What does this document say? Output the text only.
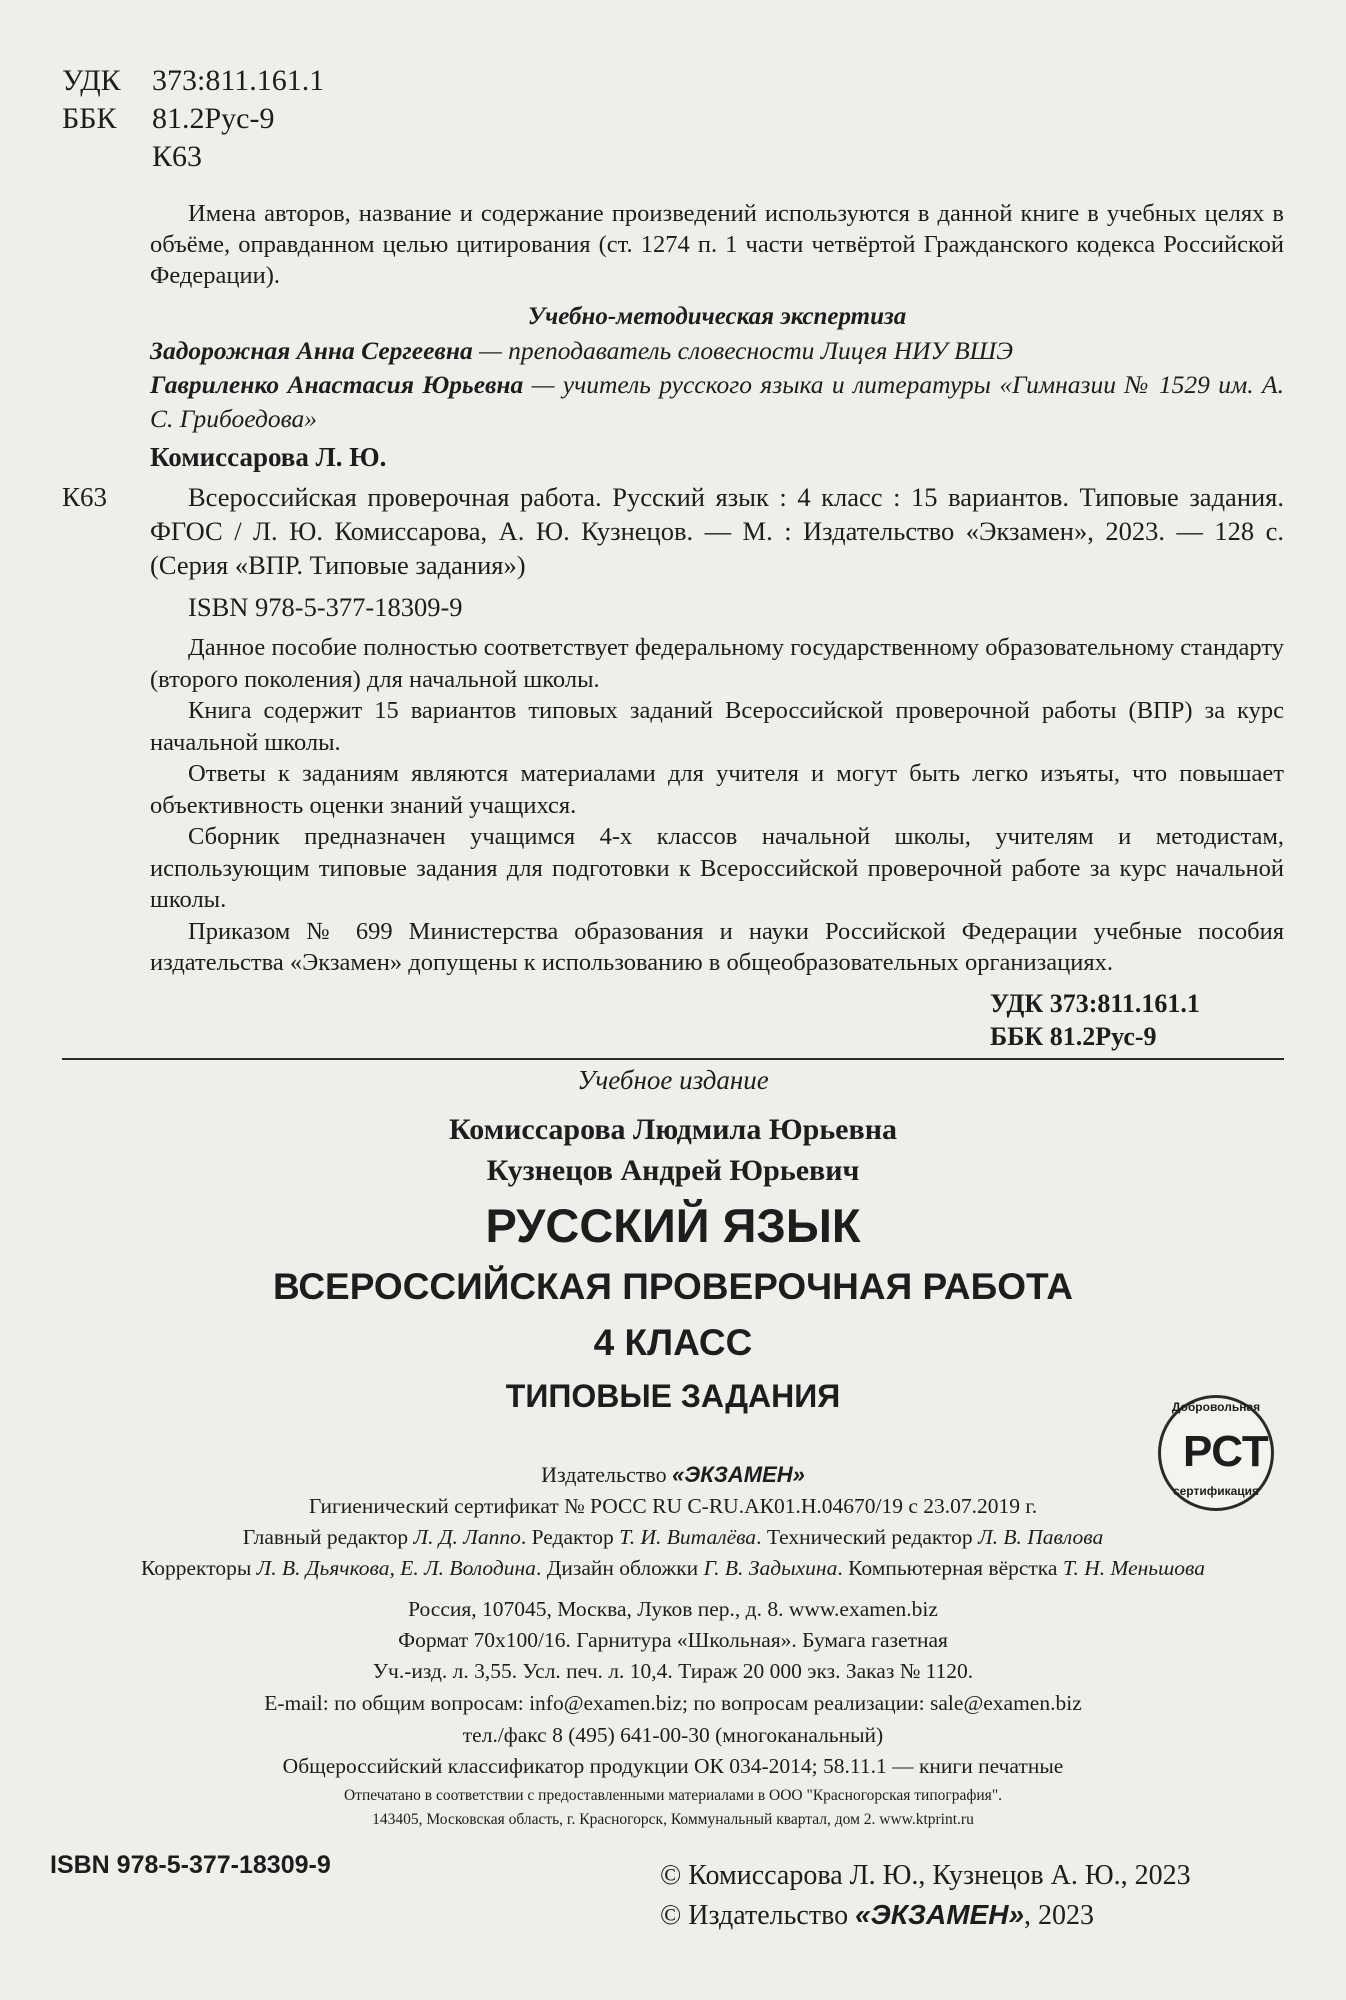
УДК	373:811.161.1
ББК	81.2Рус-9
К63
Имена авторов, название и содержание произведений используются в данной книге в учебных целях в объёме, оправданном целью цитирования (ст. 1274 п. 1 части четвёртой Гражданского кодекса Российской Федерации).
Учебно-методическая экспертиза
Задорожная Анна Сергеевна — преподаватель словесности Лицея НИУ ВШЭ
Гавриленко Анастасия Юрьевна — учитель русского языка и литературы «Гимназии № 1529 им. А. С. Грибоедова»
Комиссарова Л. Ю.
К63	Всероссийская проверочная работа. Русский язык : 4 класс : 15 вариантов. Типовые задания. ФГОС / Л. Ю. Комиссарова, А. Ю. Кузнецов. — М. : Издательство «Экзамен», 2023. — 128 с. (Серия «ВПР. Типовые задания»)
ISBN 978-5-377-18309-9
Данное пособие полностью соответствует федеральному государственному образовательному стандарту (второго поколения) для начальной школы.
Книга содержит 15 вариантов типовых заданий Всероссийской проверочной работы (ВПР) за курс начальной школы.
Ответы к заданиям являются материалами для учителя и могут быть легко изъяты, что повышает объективность оценки знаний учащихся.
Сборник предназначен учащимся 4-х классов начальной школы, учителям и методистам, использующим типовые задания для подготовки к Всероссийской проверочной работе за курс начальной школы.
Приказом № 699 Министерства образования и науки Российской Федерации учебные пособия издательства «Экзамен» допущены к использованию в общеобразовательных организациях.
УДК 373:811.161.1
ББК 81.2Рус-9
Учебное издание
Комиссарова Людмила Юрьевна
Кузнецов Андрей Юрьевич
РУССКИЙ ЯЗЫК
ВСЕРОССИЙСКАЯ ПРОВЕРОЧНАЯ РАБОТА
4 КЛАСС
ТИПОВЫЕ ЗАДАНИЯ	Добровольная
РСТ
сертификация
Издательство «ЭКЗАМЕН»
Гигиенический сертификат № РОСС RU С-RU.АК01.Н.04670/19 с 23.07.2019 г.
Главный редактор Л. Д. Лаппо. Редактор Т. И. Виталёва. Технический редактор Л. В. Павлова
Корректоры Л. В. Дьячкова, Е. Л. Володина. Дизайн обложки Г. В. Задыхина. Компьютерная вёрстка Т. Н. Меньшова
Россия, 107045, Москва, Луков пер., д. 8. www.examen.biz
Формат 70х100/16. Гарнитура «Школьная». Бумага газетная
Уч.-изд. л. 3,55. Усл. печ. л. 10,4. Тираж 20 000 экз. Заказ № 1120.
E-mail: по общим вопросам: info@examen.biz; по вопросам реализации: sale@examen.biz
тел./факс 8 (495) 641-00-30 (многоканальный)
Общероссийский классификатор продукции ОК 034-2014; 58.11.1 — книги печатные
Отпечатано в соответствии с предоставленными материалами в ООО "Красногорская типография".
143405, Московская область, г. Красногорск, Коммунальный квартал, дом 2. www.ktprint.ru
ISBN 978-5-377-18309-9	© Комиссарова Л. Ю., Кузнецов А. Ю., 2023
© Издательство «ЭКЗАМЕН», 2023
